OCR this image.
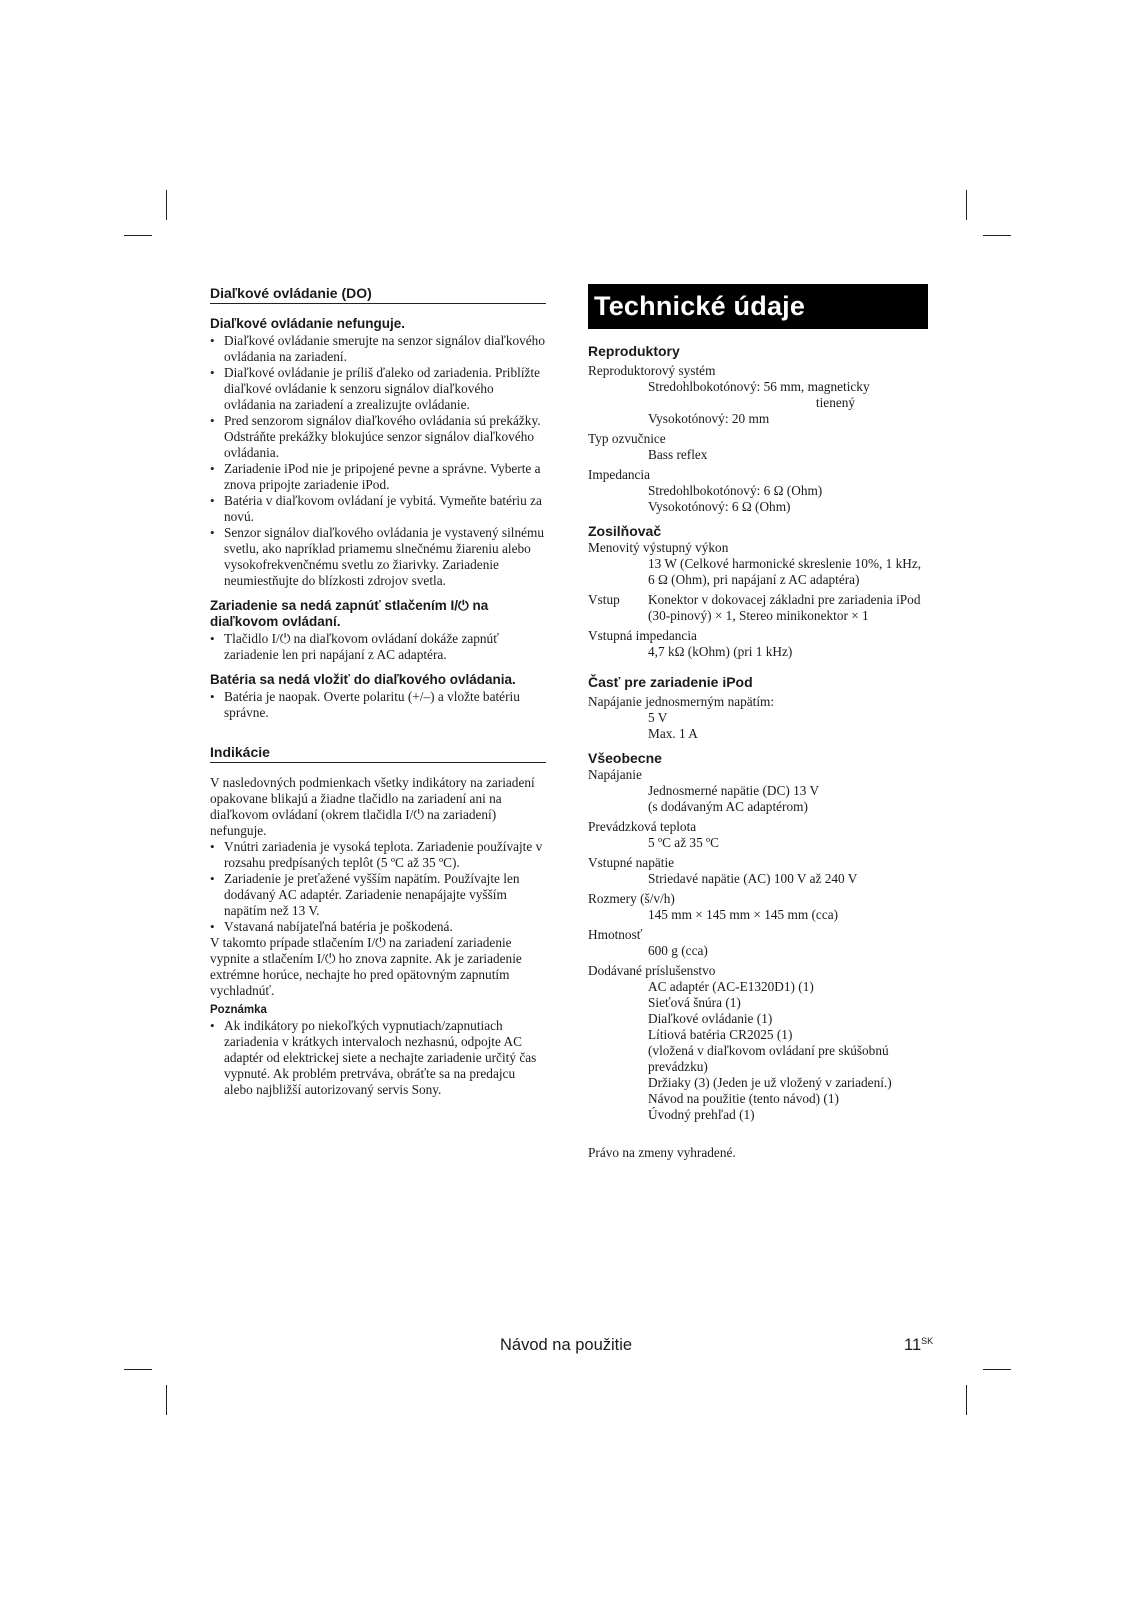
Diaľkové ovládanie (DO)
Diaľkové ovládanie nefunguje.
• Diaľkové ovládanie smerujte na senzor signálov diaľkového ovládania na zariadení.
• Diaľkové ovládanie je príliš ďaleko od zariadenia. Priblížte diaľkové ovládanie k senzoru signálov diaľkového ovládania na zariadení a zrealizujte ovládanie.
• Pred senzorom signálov diaľkového ovládania sú prekážky. Odstráňte prekážky blokujúce senzor signálov diaľkového ovládania.
• Zariadenie iPod nie je pripojené pevne a správne. Vyberte a znova pripojte zariadenie iPod.
• Batéria v diaľkovom ovládaní je vybitá. Vymeňte batériu za novú.
• Senzor signálov diaľkového ovládania je vystavený silnému svetlu, ako napríklad priamemu slnečnému žiareniu alebo vysokofrekvenčnému svetlu zo žiarivky. Zariadenie neumiestňujte do blízkosti zdrojov svetla.
Zariadenie sa nedá zapnúť stlačením I/⏻ na diaľkovom ovládaní.
• Tlačidlo I/⏻ na diaľkovom ovládaní dokáže zapnúť zariadenie len pri napájaní z AC adaptéra.
Batéria sa nedá vložiť do diaľkového ovládania.
• Batéria je naopak. Overte polaritu (+/–) a vložte batériu správne.
Indikácie

V nasledovných podmienkach všetky indikátory na zariadení opakovane blikajú a žiadne tlačidlo na zariadení ani na diaľkovom ovládaní (okrem tlačidla I/⏻ na zariadení) nefunguje.

• Vnútri zariadenia je vysoká teplota. Zariadenie používajte v rozsahu predpísaných teplôt (5 ºC až 35 ºC).
• Zariadenie je preťažené vyšším napätím. Používajte len dodávaný AC adaptér. Zariadenie nenapájajte vyšším napätím než 13 V.
• Vstavaná nabíjateľná batéria je poškodená.

V takomto prípade stlačením I/⏻ na zariadení zariadenie vypnite a stlačením I/⏻ ho znova zapnite. Ak je zariadenie extrémne horúce, nechajte ho pred opätovným zapnutím vychladnúť.

Poznámka
• Ak indikátory po niekoľkých vypnutiach/zapnutiach zariadenia v krátkych intervaloch nezhasnú, odpojte AC adaptér od elektrickej siete a nechajte zariadenie určitý čas vypnuté. Ak problém pretrváva, obráťte sa na predajcu alebo najbližší autorizovaný servis Sony.
Technické údaje
Reproduktory
Reproduktorový systém
Stredohlbokotónový: 56 mm, magneticky
tienený
Vysokotónový: 20 mm
Typ ozvučnice
Bass reflex
Impedancia
Stredohlbokotónový: 6 Ω (Ohm)
Vysokotónový: 6 Ω (Ohm)
Zosilňovač
Menovitý výstupný výkon
13 W (Celkové harmonické skreslenie 10%, 1 kHz, 6 Ω (Ohm), pri napájaní z AC adaptéra)
Vstup	Konektor v dokovacej základni pre zariadenia iPod (30-pinový) × 1, Stereo minikonektor × 1
Vstupná impedancia
4,7 kΩ (kOhm) (pri 1 kHz)
Časť pre zariadenie iPod
Napájanie jednosmerným napätím:
5 V
Max. 1 A
Všeobecne
Napájanie
Jednosmerné napätie (DC) 13 V
(s dodávaným AC adaptérom)
Prevádzková teplota
5 ºC až 35 ºC
Vstupné napätie
Striedavé napätie (AC) 100 V až 240 V
Rozmery (š/v/h)
145 mm × 145 mm × 145 mm (cca)
Hmotnosť
600 g (cca)
Dodávané príslušenstvo
AC adaptér (AC-E1320D1) (1)
Sieťová šnúra (1)
Diaľkové ovládanie (1)
Lítiová batéria CR2025 (1)
(vložená v diaľkovom ovládaní pre skúšobnú prevádzku)
Držiaky (3) (Jeden je už vložený v zariadení.)
Návod na použitie (tento návod) (1)
Úvodný prehľad (1)
Právo na zmeny vyhradené.
Návod na použitie	$11^{SK}$
